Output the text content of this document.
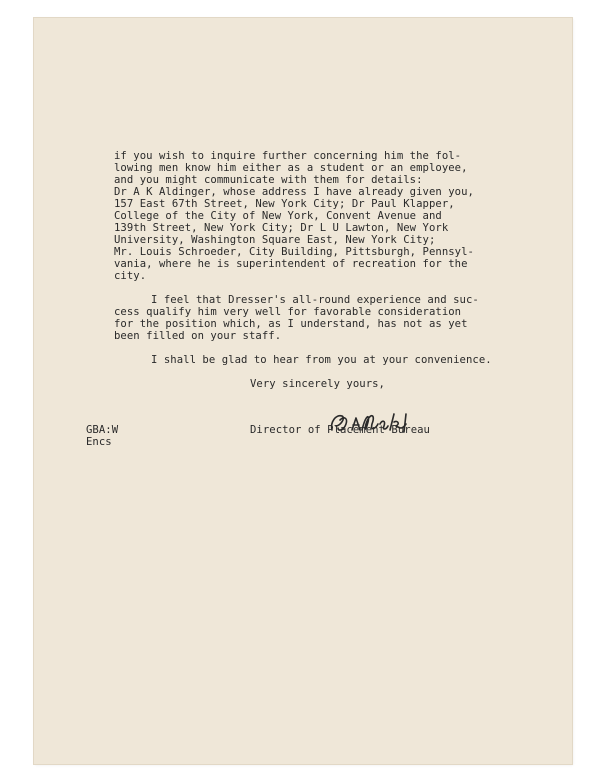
if you wish to inquire further concerning him the fol-
lowing men know him either as a student or an employee,
and you might communicate with them for details:
Dr A K Aldinger, whose address I have already given you,
157 East 67th Street, New York City; Dr Paul Klapper,
College of the City of New York, Convent Avenue and
139th Street, New York City; Dr L U Lawton, New York
University, Washington Square East, New York City;
Mr. Louis Schroeder, City Building, Pittsburgh, Pennsyl-
vania, where he is superintendent of recreation for the
city.
I feel that Dresser's all-round experience and suc-
cess qualify him very well for favorable consideration
for the position which, as I understand, has not as yet
been filled on your staff.
I shall be glad to hear from you at your convenience.
Very sincerely yours,
Director of Placement Bureau
GBA:W
Encs
